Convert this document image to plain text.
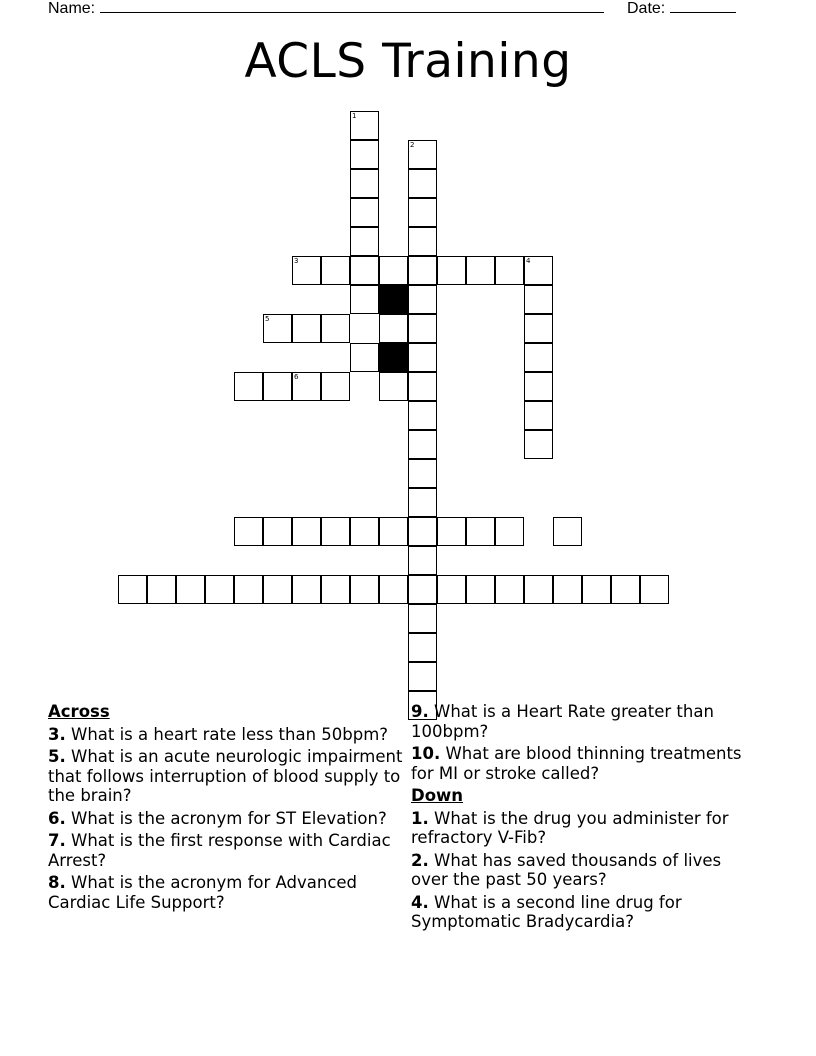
Name:	Date:
ACLS Training
1
2
3	4
5
6
Across
3. What is a heart rate less than 50bpm?
5. What is an acute neurologic impairment that follows interruption of blood supply to the brain?
6. What is the acronym for ST Elevation?
7. What is the first response with Cardiac Arrest?
8. What is the acronym for Advanced Cardiac Life Support?
9. What is a Heart Rate greater than 100bpm?
10. What are blood thinning treatments for MI or stroke called?
Down
1. What is the drug you administer for refractory V-Fib?
2. What has saved thousands of lives over the past 50 years?
4. What is a second line drug for Symptomatic Bradycardia?
